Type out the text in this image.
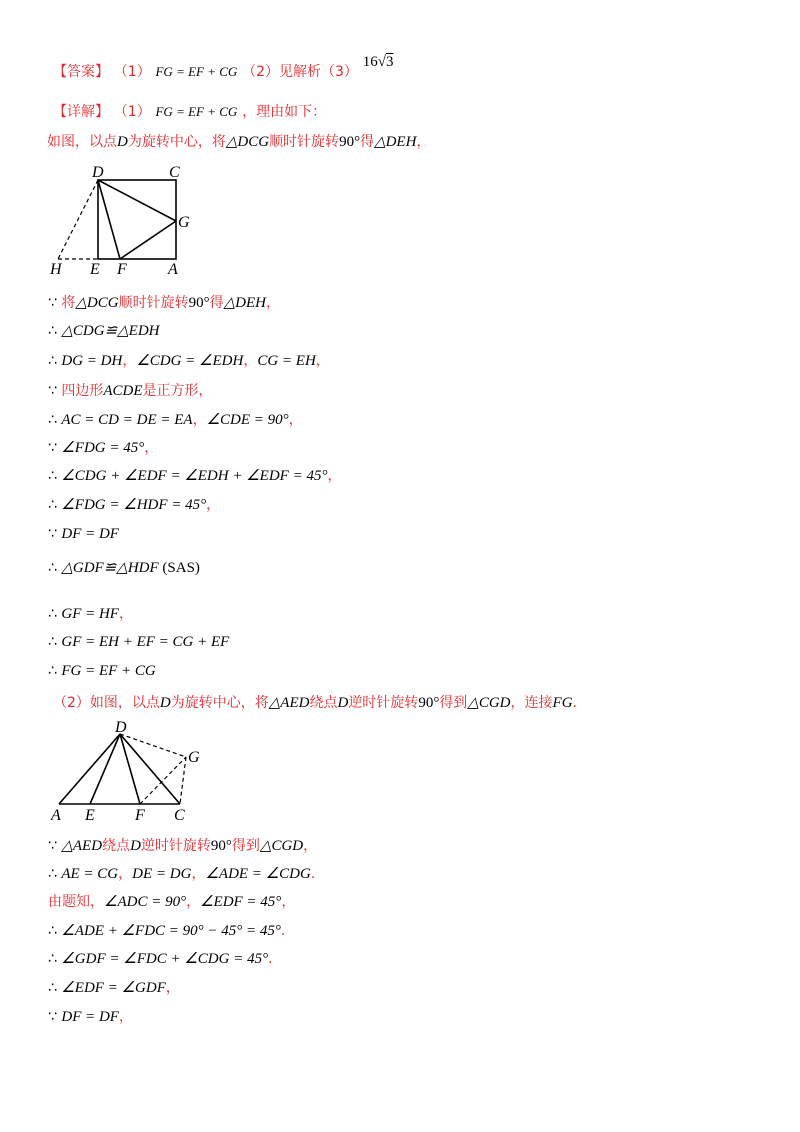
【答案】 （1） FG = EF + CG （2）见解析（3） 16√3
【详解】 （1） FG = EF + CG ，理由如下：
如图，以点D为旋转中心，将△DCG顺时针旋转90°得△DEH，
D	C
G
H E F	A
∵ 将△DCG顺时针旋转90°得△DEH，
∴ △CDG≌△EDH
∴ DG = DH，∠CDG = ∠EDH，CG = EH，
∵ 四边形ACDE是正方形，
∴ AC = CD = DE = EA，∠CDE = 90°，
∵ ∠FDG = 45°，
∴ ∠CDG + ∠EDF = ∠EDH + ∠EDF = 45°，
∴ ∠FDG = ∠HDF = 45°，
∵ DF = DF
∴ △GDF≌△HDF (SAS)
∴ GF = HF，
∴ GF = EH + EF = CG + EF
∴ FG = EF + CG
（2）如图，以点D为旋转中心，将△AED绕点D逆时针旋转90°得到△CGD，连接FG.
D
G
A E	F C
∵ △AED绕点D逆时针旋转90°得到△CGD，
∴ AE = CG，DE = DG，∠ADE = ∠CDG.
由题知，∠ADC = 90°，∠EDF = 45°，
∴ ∠ADE + ∠FDC = 90° − 45° = 45°.
∴ ∠GDF = ∠FDC + ∠CDG = 45°.
∴ ∠EDF = ∠GDF，
∵ DF = DF，
